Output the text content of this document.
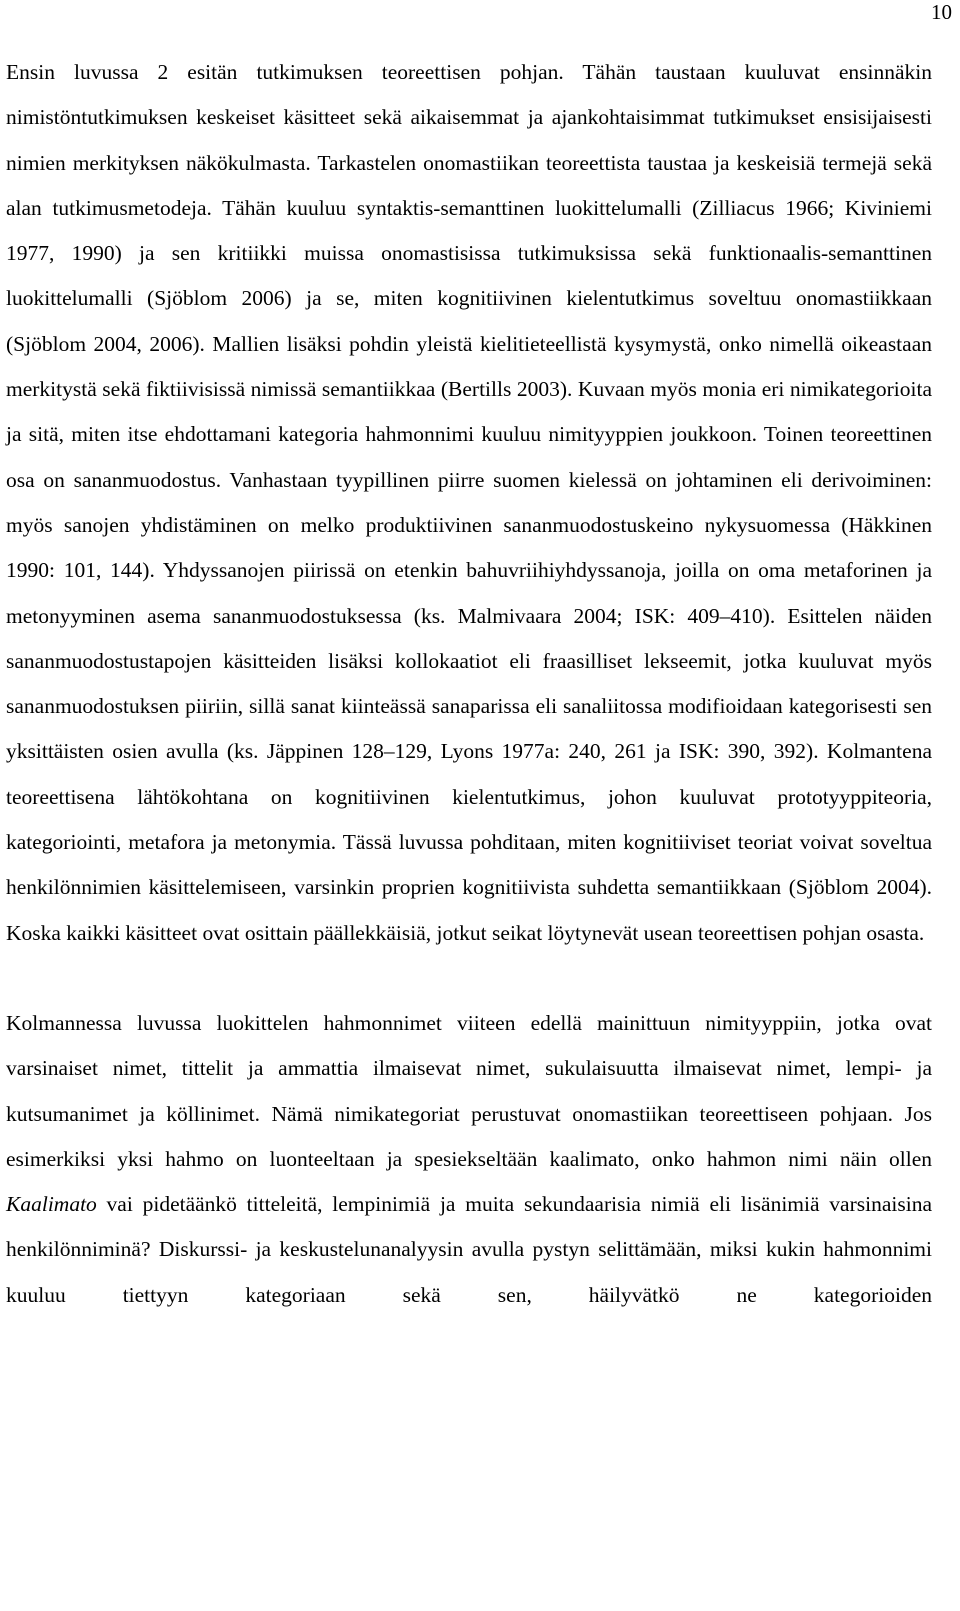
10

Ensin luvussa 2 esitän tutkimuksen teoreettisen pohjan. Tähän taustaan kuuluvat ensinnäkin nimistöntutkimuksen keskeiset käsitteet sekä aikaisemmat ja ajankohtaisimmat tutkimukset ensisijaisesti nimien merkityksen näkökulmasta. Tarkastelen onomastiikan teoreettista taustaa ja keskeisiä termejä sekä alan tutkimusmetodeja. Tähän kuuluu syntaktis-semanttinen luokittelumalli (Zilliacus 1966; Kiviniemi 1977, 1990) ja sen kritiikki muissa onomastisissa tutkimuksissa sekä funktionaalis-semanttinen luokittelumalli (Sjöblom 2006) ja se, miten kognitiivinen kielentutkimus soveltuu onomastiikkaan (Sjöblom 2004, 2006). Mallien lisäksi pohdin yleistä kielitieteellistä kysymystä, onko nimellä oikeastaan merkitystä sekä fiktiivisissä nimissä semantiikkaa (Bertills 2003). Kuvaan myös monia eri nimikategorioita ja sitä, miten itse ehdottamani kategoria hahmonnimi kuuluu nimityyppien joukkoon. Toinen teoreettinen osa on sananmuodostus. Vanhastaan tyypillinen piirre suomen kielessä on johtaminen eli derivoiminen: myös sanojen yhdistäminen on melko produktiivinen sananmuodostuskeino nykysuomessa (Häkkinen 1990: 101, 144). Yhdyssanojen piirissä on etenkin bahuvriihiyhdyssanoja, joilla on oma metaforinen ja metonyyminen asema sananmuodostuksessa (ks. Malmivaara 2004; ISK: 409–410). Esittelen näiden sananmuodostustapojen käsitteiden lisäksi kollokaatiot eli fraasilliset lekseemit, jotka kuuluvat myös sananmuodostuksen piiriin, sillä sanat kiinteässä sanaparissa eli sanaliitossa modifioidaan kategorisesti sen yksittäisten osien avulla (ks. Jäppinen 128–129, Lyons 1977a: 240, 261 ja ISK: 390, 392). Kolmantena teoreettisena lähtökohtana on kognitiivinen kielentutkimus, johon kuuluvat prototyyppiteoria, kategoriointi, metafora ja metonymia. Tässä luvussa pohditaan, miten kognitiiviset teoriat voivat soveltua henkilönnimien käsittelemiseen, varsinkin proprien kognitiivista suhdetta semantiikkaan (Sjöblom 2004). Koska kaikki käsitteet ovat osittain päällekkäisiä, jotkut seikat löytynevät usean teoreettisen pohjan osasta.

Kolmannessa luvussa luokittelen hahmonnimet viiteen edellä mainittuun nimityyppiin, jotka ovat varsinaiset nimet, tittelit ja ammattia ilmaisevat nimet, sukulaisuutta ilmaisevat nimet, lempi- ja kutsumanimet ja köllinimet. Nämä nimikategoriat perustuvat onomastiikan teoreettiseen pohjaan. Jos esimerkiksi yksi hahmo on luonteeltaan ja spesiekseltään kaalimato, onko hahmon nimi näin ollen Kaalimato vai pidetäänkö titteleitä, lempinimiä ja muita sekundaarisia nimiä eli lisänimiä varsinaisina henkilönniminä? Diskurssi- ja keskustelunanalyysin avulla pystyn selittämään, miksi kukin hahmonnimi kuuluu tiettyyn kategoriaan sekä sen, häilyvätkö ne kategorioiden
